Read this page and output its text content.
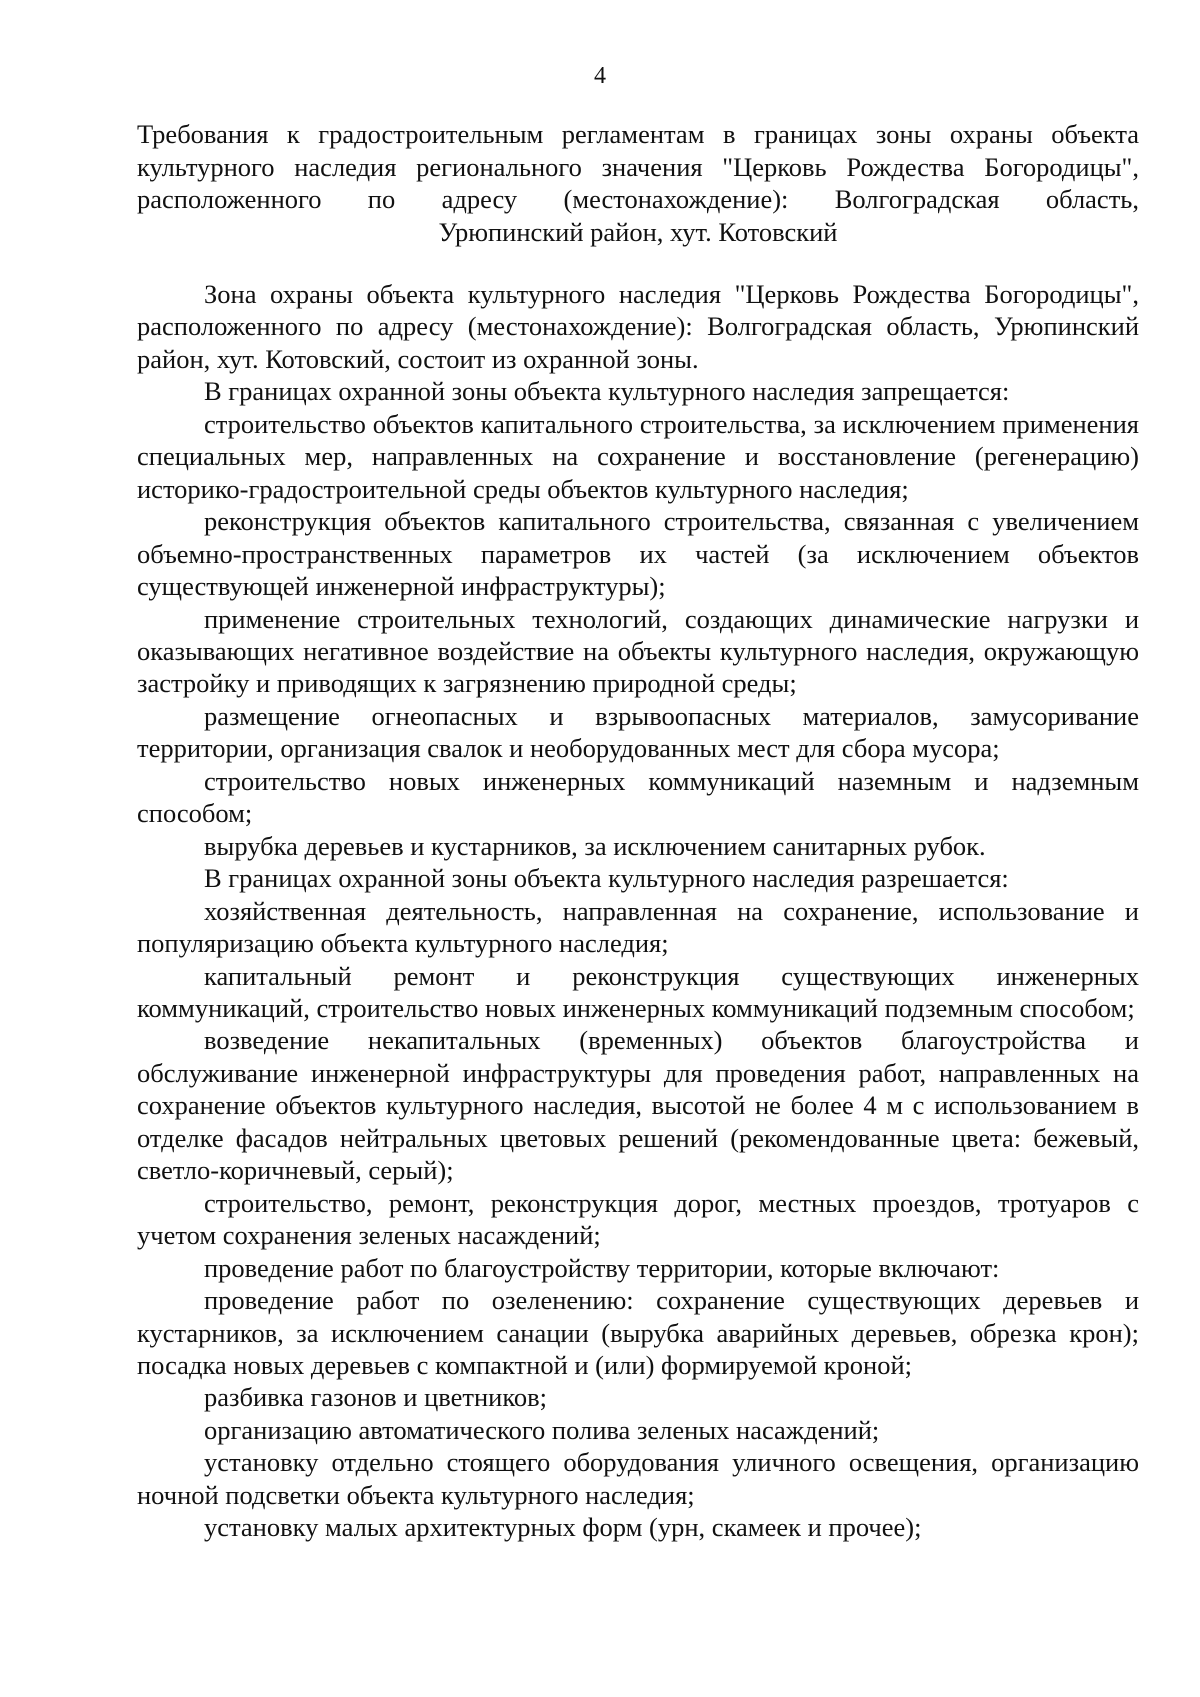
4
Требования к градостроительным регламентам в границах зоны охраны объекта
культурного наследия регионального значения "Церковь Рождества Богородицы",
расположенного по адресу (местонахождение): Волгоградская область,
Урюпинский район, хут. Котовский

Зона охраны объекта культурного наследия "Церковь Рождества Богородицы", расположенного по адресу (местонахождение): Волгоградская область, Урюпинский район, хут. Котовский, состоит из охранной зоны.

В границах охранной зоны объекта культурного наследия запрещается:

строительство объектов капитального строительства, за исключением применения специальных мер, направленных на сохранение и восстановление (регенерацию) историко-градостроительной среды объектов культурного наследия;

реконструкция объектов капитального строительства, связанная с увеличением объемно-пространственных параметров их частей (за исключением объектов существующей инженерной инфраструктуры);

применение строительных технологий, создающих динамические нагрузки и оказывающих негативное воздействие на объекты культурного наследия, окружающую застройку и приводящих к загрязнению природной среды;

размещение огнеопасных и взрывоопасных материалов, замусоривание территории, организация свалок и необорудованных мест для сбора мусора;

строительство новых инженерных коммуникаций наземным и надземным способом;

вырубка деревьев и кустарников, за исключением санитарных рубок.

В границах охранной зоны объекта культурного наследия разрешается:

хозяйственная деятельность, направленная на сохранение, использование и популяризацию объекта культурного наследия;

капитальный ремонт и реконструкция существующих инженерных коммуникаций, строительство новых инженерных коммуникаций подземным способом;

возведение некапитальных (временных) объектов благоустройства и обслуживание инженерной инфраструктуры для проведения работ, направленных на сохранение объектов культурного наследия, высотой не более 4 м с использованием в отделке фасадов нейтральных цветовых решений (рекомендованные цвета: бежевый, светло-коричневый, серый);

строительство, ремонт, реконструкция дорог, местных проездов, тротуаров с учетом сохранения зеленых насаждений;

проведение работ по благоустройству территории, которые включают:

проведение работ по озеленению: сохранение существующих деревьев и кустарников, за исключением санации (вырубка аварийных деревьев, обрезка крон); посадка новых деревьев с компактной и (или) формируемой кроной;

разбивка газонов и цветников;

организацию автоматического полива зеленых насаждений;

установку отдельно стоящего оборудования уличного освещения, организацию ночной подсветки объекта культурного наследия;

установку малых архитектурных форм (урн, скамеек и прочее);
